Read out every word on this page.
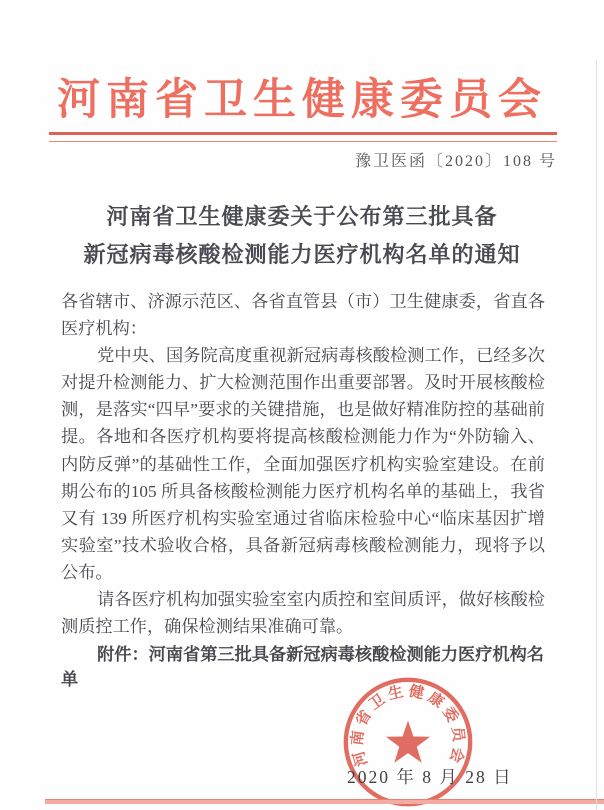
河南省卫生健康委员会
豫卫医函〔2020〕108 号
河南省卫生健康委关于公布第三批具备
新冠病毒核酸检测能力医疗机构名单的通知

各省辖市、济源示范区、各省直管县（市）卫生健康委，省直各医疗机构：

党中央、国务院高度重视新冠病毒核酸检测工作，已经多次对提升检测能力、扩大检测范围作出重要部署。及时开展核酸检测，是落实“四早”要求的关键措施，也是做好精准防控的基础前提。各地和各医疗机构要将提高核酸检测能力作为“外防输入、内防反弹”的基础性工作，全面加强医疗机构实验室建设。在前期公布的105 所具备核酸检测能力医疗机构名单的基础上，我省又有 139 所医疗机构实验室通过省临床检验中心“临床基因扩增实验室”技术验收合格，具备新冠病毒核酸检测能力，现将予以公布。

请各医疗机构加强实验室室内质控和室间质评，做好核酸检测质控工作，确保检测结果准确可靠。

附件：河南省第三批具备新冠病毒核酸检测能力医疗机构名单
河南省卫生健康委员会
2020 年 8 月 28 日
